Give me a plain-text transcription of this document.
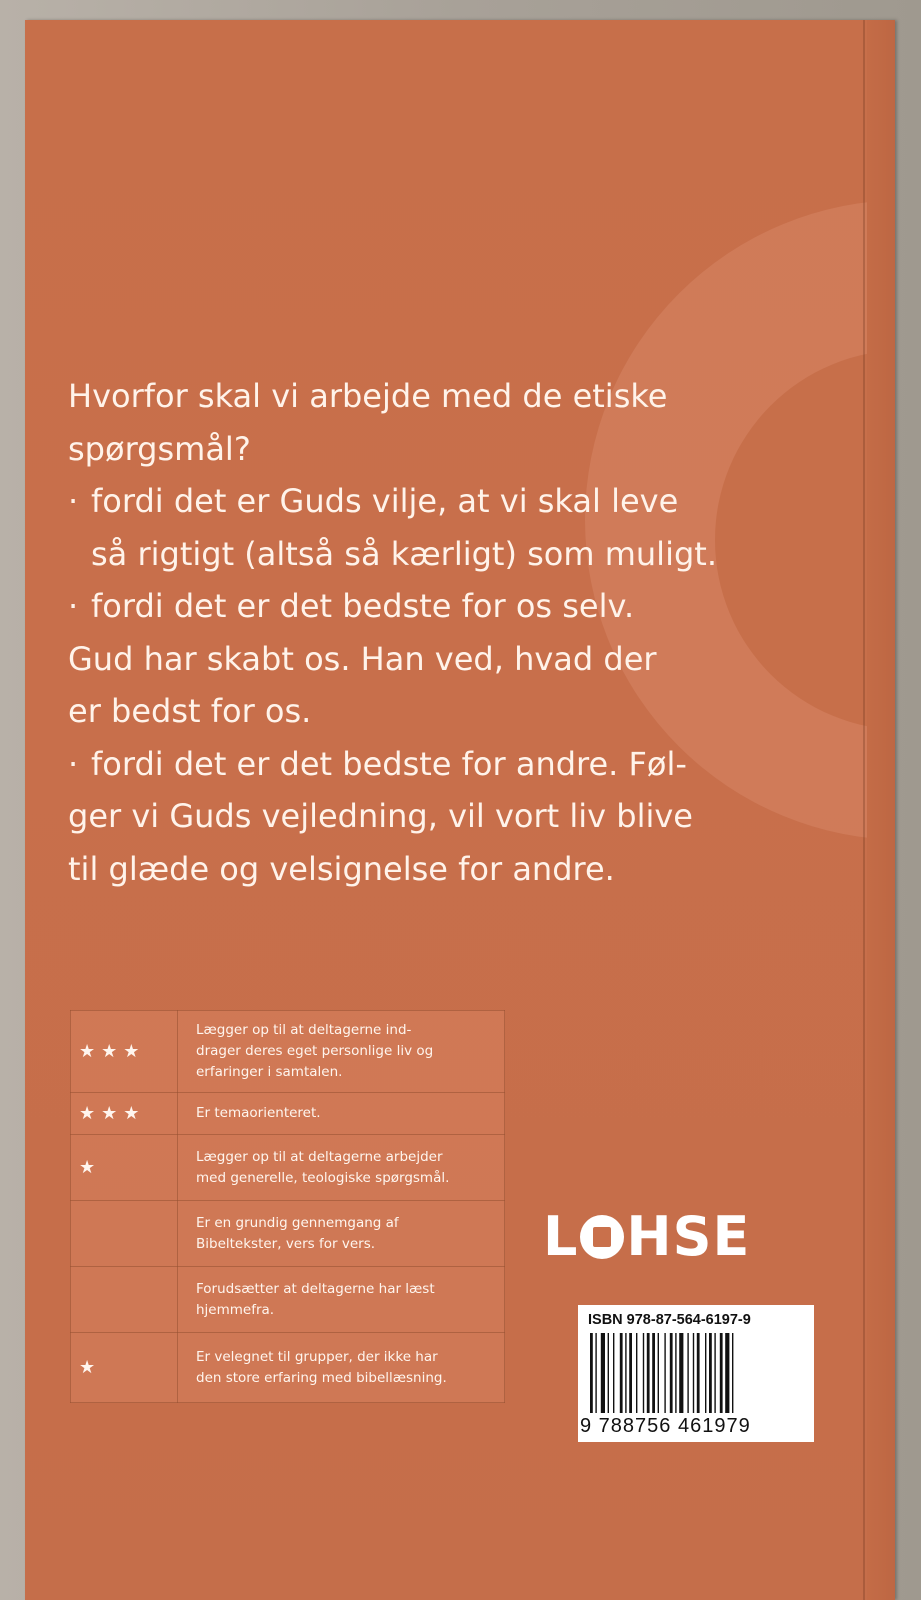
Hvorfor skal vi arbejde med de etiske
spørgsmål?
· fordi det er Guds vilje, at vi skal leve
så rigtigt (altså så kærligt) som muligt.
· fordi det er det bedste for os selv.
Gud har skabt os. Han ved, hvad der
er bedst for os.
· fordi det er det bedste for andre. Føl-
ger vi Guds vejledning, vil vort liv blive
til glæde og velsignelse for andre.
★★★	Lægger op til at deltagerne ind-
drager deres eget personlige liv og
erfaringer i samtalen.

★★★	Er temaorienteret.

★	Lægger op til at deltagerne arbejder
med generelle, teologiske spørgsmål.

	Er en grundig gennemgang af
Bibeltekster, vers for vers.

	Forudsætter at deltagerne har læst
hjemmefra.

★	Er velegnet til grupper, der ikke har
den store erfaring med bibellæsning.
L HSE
ISBN 978-87-564-6197-9
9 788756 461979
